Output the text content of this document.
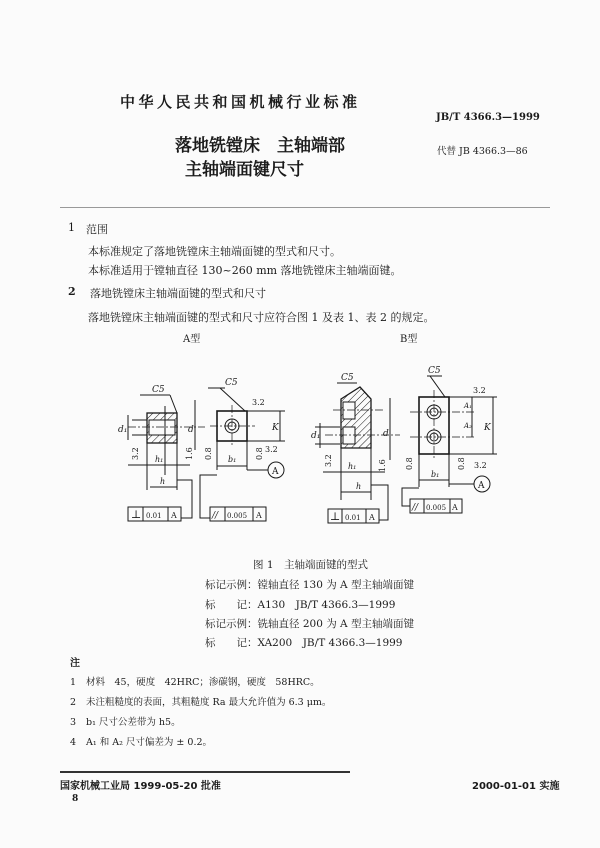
中华人民共和国机械行业标准
JB/T 4366.3—1999
落地铣镗床　主轴端部
主轴端面键尺寸
代替 JB 4366.3—86
1 范围
本标准规定了落地铣镗床主轴端面键的型式和尺寸。
本标准适用于镗轴直径 130~260 mm 落地铣镗床主轴端面键。
2 落地铣镗床主轴端面键的型式和尺寸
落地铣镗床主轴端面键的型式和尺寸应符合图 1 及表 1、表 2 的规定。
A型	B型
d₁	d
C5
h₁
h
3.2	1.6
⊥ 0.01 A
C5
K
3.2
3.2
b₁
0.8	0.8
A
// 0.005 A
d₁	d
C5
h₁
h
3.2	1.6
⊥ 0.01 A
C5
A₁
A₂ K
3.2
3.2
b₁
0.8	0.8
A
// 0.005 A
图 1　主轴端面键的型式
标记示例：镗轴直径 130 为 A 型主轴端面键
标　　记：A130　JB/T 4366.3—1999
标记示例：铣轴直径 200 为 A 型主轴端面键
标　　记：XA200　JB/T 4366.3—1999
注
1 材料　45，硬度　42HRC；渗碳钢，硬度　58HRC。
2 未注粗糙度的表面，其粗糙度 Ra 最大允许值为 6.3 μm。
3 b₁ 尺寸公差带为 h5。
4 A₁ 和 A₂ 尺寸偏差为 ± 0.2。
国家机械工业局 1999-05-20 批准	2000-01-01 实施
8
